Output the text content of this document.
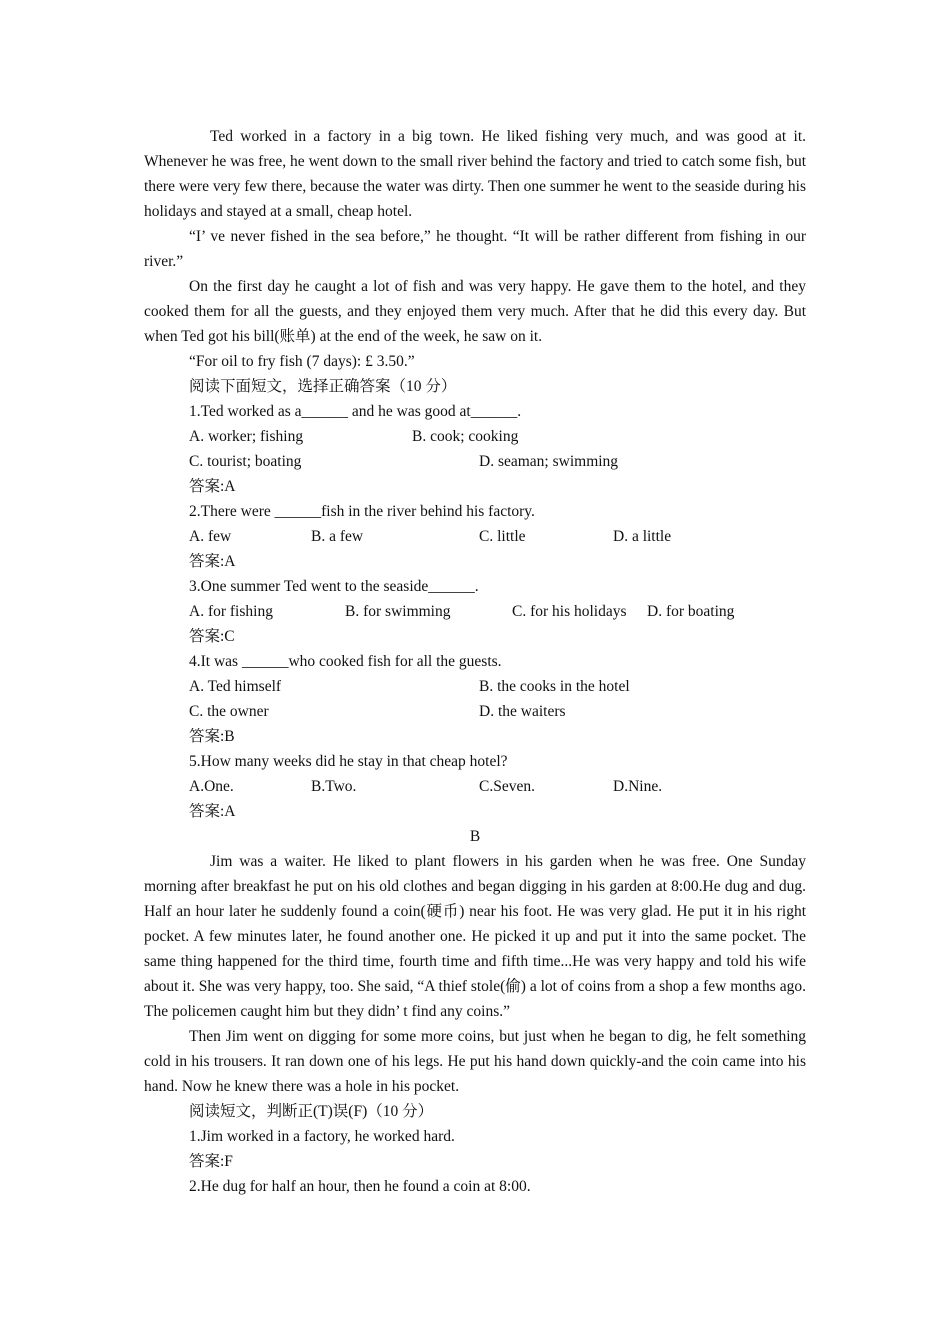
Ted worked in a factory in a big town. He liked fishing very much, and was good at it. Whenever he was free, he went down to the small river behind the factory and tried to catch some fish, but there were very few there, because the water was dirty. Then one summer he went to the seaside during his holidays and stayed at a small, cheap hotel.

“I’ ve never fished in the sea before,” he thought. “It will be rather different from fishing in our river.”

On the first day he caught a lot of fish and was very happy. He gave them to the hotel, and they cooked them for all the guests, and they enjoyed them very much. After that he did this every day. But when Ted got his bill(账单) at the end of the week, he saw on it.

“For oil to fry fish (7 days): £ 3.50.”

阅读下面短文，选择正确答案（10 分）

1.Ted worked as a______ and he was good at______.

A. worker; fishing	B. cook; cooking
C. tourist; boating	D. seaman; swimming

答案:A

2.There were ______fish in the river behind his factory.

A. few	B. a few	C. little	D. a little

答案:A

3.One summer Ted went to the seaside______.

A. for fishing	B. for swimming	C. for his holidays D. for boating

答案:C

4.It was ______who cooked fish for all the guests.

A. Ted himself	B. the cooks in the hotel
C. the owner	D. the waiters

答案:B

5.How many weeks did he stay in that cheap hotel?

A.One.	B.Two.	C.Seven.	D.Nine.

答案:A

B

Jim was a waiter. He liked to plant flowers in his garden when he was free. One Sunday morning after breakfast he put on his old clothes and began digging in his garden at 8:00.He dug and dug. Half an hour later he suddenly found a coin(硬币) near his foot. He was very glad. He put it in his right pocket. A few minutes later, he found another one. He picked it up and put it into the same pocket. The same thing happened for the third time, fourth time and fifth time...He was very happy and told his wife about it. She was very happy, too. She said, “A thief stole(偷) a lot of coins from a shop a few months ago. The policemen caught him but they didn’ t find any coins.”

Then Jim went on digging for some more coins, but just when he began to dig, he felt something cold in his trousers. It ran down one of his legs. He put his hand down quickly-and the coin came into his hand. Now he knew there was a hole in his pocket.

阅读短文，判断正(T)误(F)（10 分）

1.Jim worked in a factory, he worked hard.

答案:F

2.He dug for half an hour, then he found a coin at 8:00.
